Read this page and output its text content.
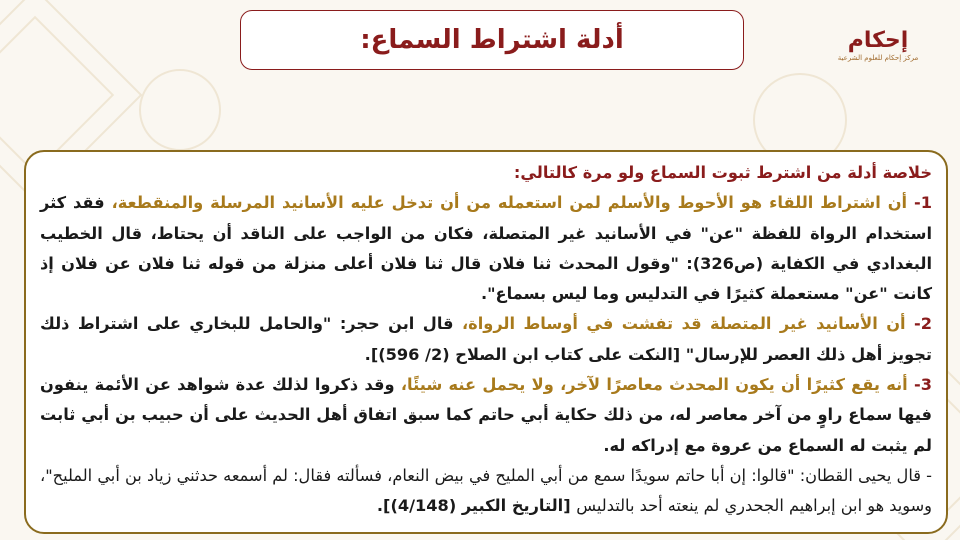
إحكام
مركز إحكام للعلوم الشرعية
أدلة اشتراط السماع:
خلاصة أدلة من اشترط ثبوت السماع ولو مرة كالتالي:
1- أن اشتراط اللقاء هو الأحوط والأسلم لمن استعمله من أن تدخل عليه الأسانيد المرسلة والمنقطعة، فقد كثر استخدام الرواة للفظة "عن" في الأسانيد غير المتصلة، فكان من الواجب على الناقد أن يحتاط، قال الخطيب البغدادي في الكفاية (ص326): "وقول المحدث ثنا فلان قال ثنا فلان أعلى منزلة من قوله ثنا فلان عن فلان إذ كانت "عن" مستعملة كثيرًا في التدليس وما ليس بسماع".
2- أن الأسانيد غير المتصلة قد تفشت في أوساط الرواة، قال ابن حجر: "والحامل للبخاري على اشتراط ذلك تجويز أهل ذلك العصر للإرسال" [النكت على كتاب ابن الصلاح (2/ 596)].
3- أنه يقع كثيرًا أن يكون المحدث معاصرًا لآخر، ولا يحمل عنه شيئًا، وقد ذكروا لذلك عدة شواهد عن الأئمة ينفون فيها سماع راوٍ من آخر معاصر له، من ذلك حكاية أبي حاتم كما سبق اتفاق أهل الحديث على أن حبيب بن أبي ثابت لم يثبت له السماع من عروة مع إدراكه له.
- قال يحيى القطان: "قالوا: إن أبا حاتم سويدًا سمع من أبي المليح في بيض النعام، فسألته فقال: لم أسمعه حدثني زياد بن أبي المليح"، وسويد هو ابن إبراهيم الجحدري لم ينعته أحد بالتدليس [التاريخ الكبير (4/148)].
